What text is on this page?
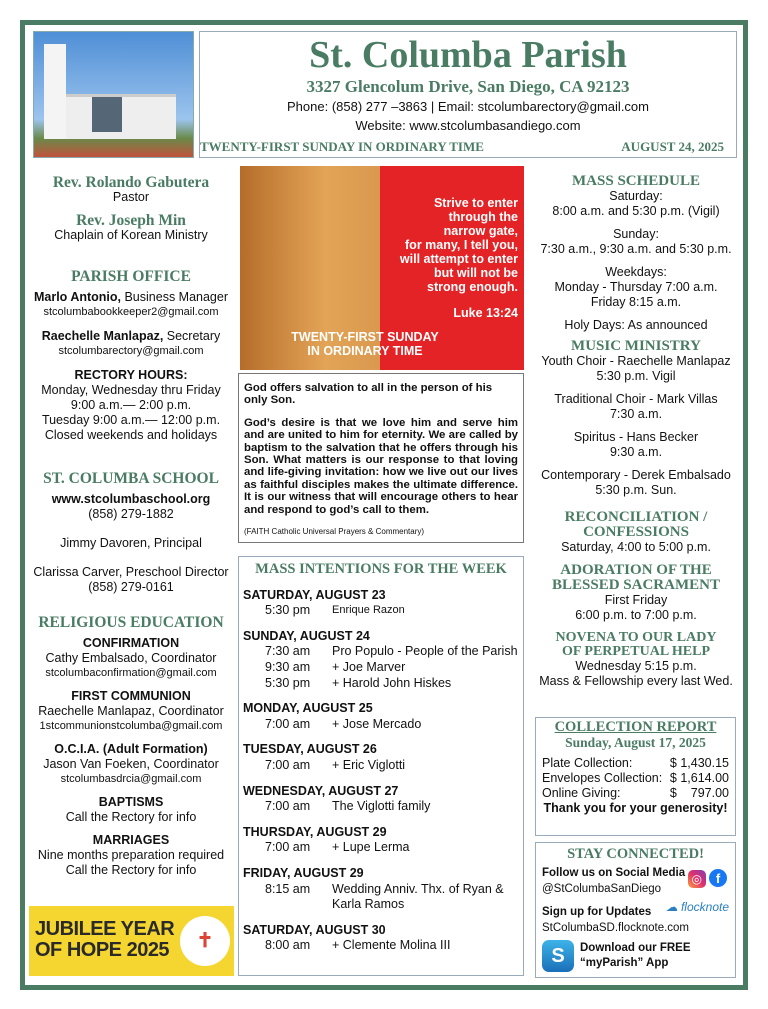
St. Columba Parish
3327 Glencolum Drive, San Diego, CA 92123
Phone: (858) 277 –3863 | Email: stcolumbarectory@gmail.com
Website: www.stcolumbasandiego.com
TWENTY-FIRST SUNDAY IN ORDINARY TIME	AUGUST 24, 2025
Rev. Rolando Gabutera
Pastor
Rev. Joseph Min
Chaplain of Korean Ministry
PARISH OFFICE
Marlo Antonio, Business Manager
stcolumbabookkeeper2@gmail.com
Raechelle Manlapaz, Secretary
stcolumbarectory@gmail.com
RECTORY HOURS:
Monday, Wednesday thru Friday
9:00 a.m.— 2:00 p.m.
Tuesday 9:00 a.m.— 12:00 p.m.
Closed weekends and holidays
ST. COLUMBA SCHOOL
www.stcolumbaschool.org
(858) 279-1882
Jimmy Davoren, Principal
Clarissa Carver, Preschool Director
(858) 279-0161
RELIGIOUS EDUCATION
CONFIRMATION
Cathy Embalsado, Coordinator
stcolumbaconfirmation@gmail.com
FIRST COMMUNION
Raechelle Manlapaz, Coordinator
1stcommunionstcolumba@gmail.com
O.C.I.A. (Adult Formation)
Jason Van Foeken, Coordinator
stcolumbasdrcia@gmail.com
BAPTISMS
Call the Rectory for info
MARRIAGES
Nine months preparation required
Call the Rectory for info
JUBILEE YEAR
OF HOPE 2025	✝
Strive to enter
through the
narrow gate,
for many, I tell you,
will attempt to enter
but will not be
strong enough.
Luke 13:24
TWENTY-FIRST SUNDAY
IN ORDINARY TIME

God offers salvation to all in the person of his only Son.

God’s desire is that we love him and serve him and are united to him for eternity. We are called by baptism to the salvation that he offers through his Son. What matters is our response to that loving and life-giving invitation: how we live out our lives as faithful disciples makes the ultimate difference. It is our witness that will encourage others to hear and respond to god’s call to them.

(FAITH Catholic Universal Prayers & Commentary)
MASS INTENTIONS FOR THE WEEK
SATURDAY, AUGUST 23
5:30 pm	Enrique Razon
SUNDAY, AUGUST 24
7:30 am	Pro Populo - People of the Parish
9:30 am	+ Joe Marver
5:30 pm	+ Harold John Hiskes
MONDAY, AUGUST 25
7:00 am	+ Jose Mercado
TUESDAY, AUGUST 26
7:00 am	+ Eric Viglotti
WEDNESDAY, AUGUST 27
7:00 am	The Viglotti family
THURSDAY, AUGUST 29
7:00 am	+ Lupe Lerma
FRIDAY, AUGUST 29
8:15 am	Wedding Anniv. Thx. of Ryan & Karla Ramos
SATURDAY, AUGUST 30
8:00 am	+ Clemente Molina III
MASS SCHEDULE
Saturday:
8:00 a.m. and 5:30 p.m. (Vigil)
Sunday:
7:30 a.m., 9:30 a.m. and 5:30 p.m.
Weekdays:
Monday - Thursday 7:00 a.m.
Friday 8:15 a.m.
Holy Days: As announced
MUSIC MINISTRY
Youth Choir - Raechelle Manlapaz
5:30 p.m. Vigil
Traditional Choir - Mark Villas
7:30 a.m.
Spiritus - Hans Becker
9:30 a.m.
Contemporary - Derek Embalsado
5:30 p.m. Sun.
RECONCILIATION / CONFESSIONS
Saturday, 4:00 to 5:00 p.m.
ADORATION OF THE BLESSED SACRAMENT
First Friday
6:00 p.m. to 7:00 p.m.
NOVENA TO OUR LADY OF PERPETUAL HELP
Wednesday 5:15 p.m.
Mass & Fellowship every last Wed.
COLLECTION REPORT
Sunday, August 17, 2025
Plate Collection:	$ 1,430.15
Envelopes Collection: $ 1,614.00
Online Giving:	$    797.00
Thank you for your generosity!
STAY CONNECTED!
Follow us on Social Media
@StColumbaSanDiego
◎ f
☁ flocknote
Sign up for Updates
StColumbaSD.flocknote.com
S	Download our FREE
“myParish” App
